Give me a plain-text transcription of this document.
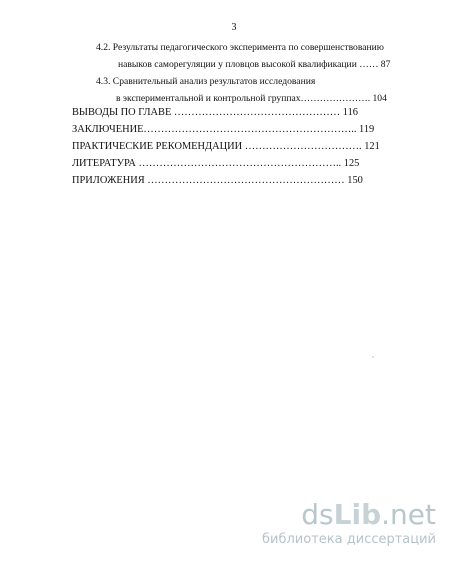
3
4.2. Результаты педагогического эксперимента по совершенствованию
навыков саморегуляции у пловцов высокой квалификации …… 87
4.3. Сравнительный анализ результатов исследования
в экспериментальной и контрольной группах…………………. 104
ВЫВОДЫ ПО ГЛАВЕ ………………………………………… 116
ЗАКЛЮЧЕНИЕ…………………………………………………….. 119
ПРАКТИЧЕСКИЕ РЕКОМЕНДАЦИИ ……………………………. 121
ЛИТЕРАТУРА ………………………………………………….. 125
ПРИЛОЖЕНИЯ ………………………………………………… 150
dsLib.net
библиотека диссертаций
